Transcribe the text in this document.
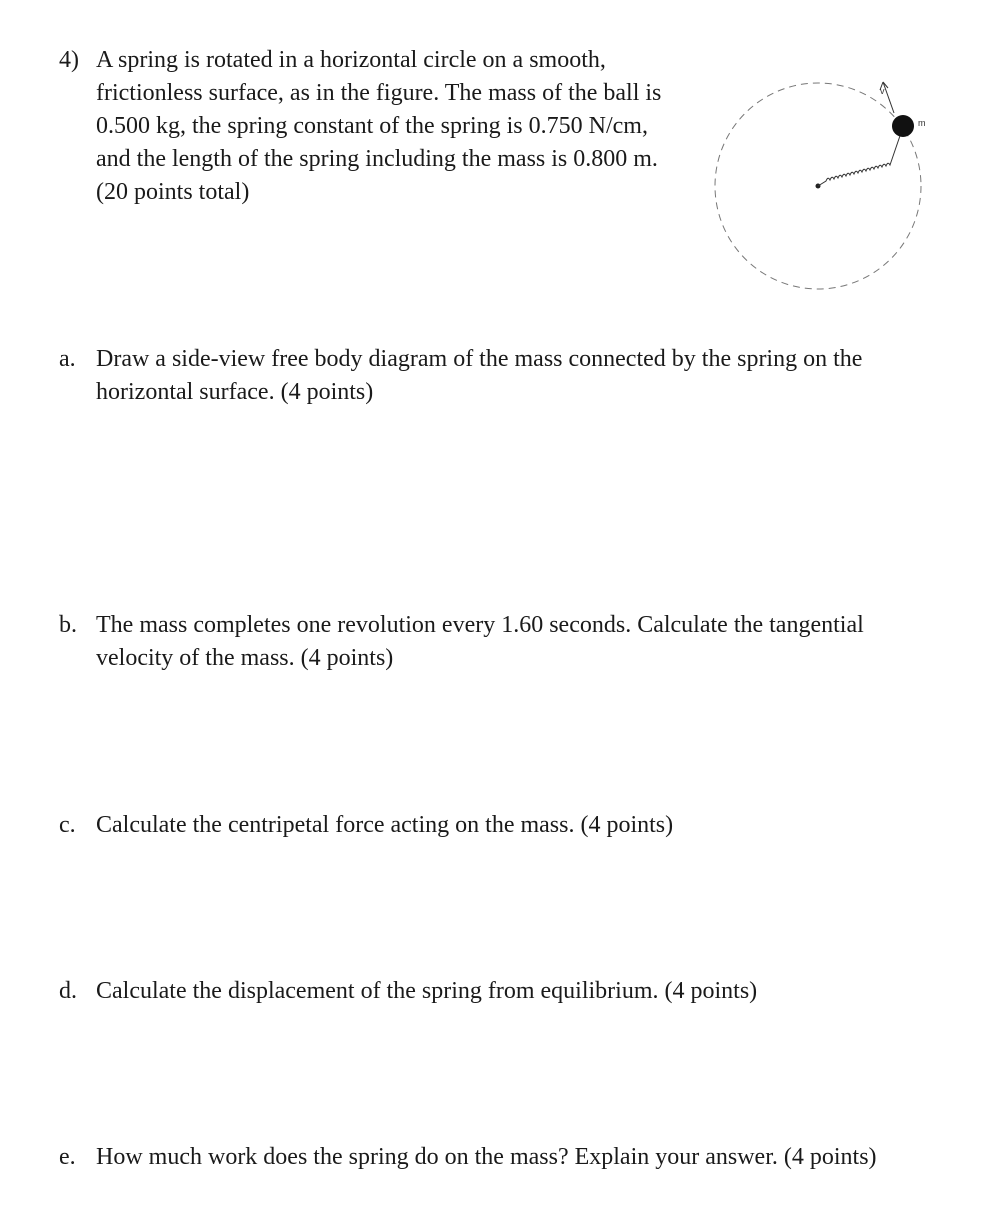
4) A spring is rotated in a horizontal circle on a smooth,
frictionless surface, as in the figure. The mass of the ball is
0.500 kg, the spring constant of the spring is 0.750 N/cm,
and the length of the spring including the mass is 0.800 m.
(20 points total)
m
v
a. Draw a side-view free body diagram of the mass connected by the spring on the
horizontal surface. (4 points)
b. The mass completes one revolution every 1.60 seconds. Calculate the tangential
velocity of the mass. (4 points)
c. Calculate the centripetal force acting on the mass. (4 points)
d. Calculate the displacement of the spring from equilibrium. (4 points)
e. How much work does the spring do on the mass? Explain your answer. (4 points)
